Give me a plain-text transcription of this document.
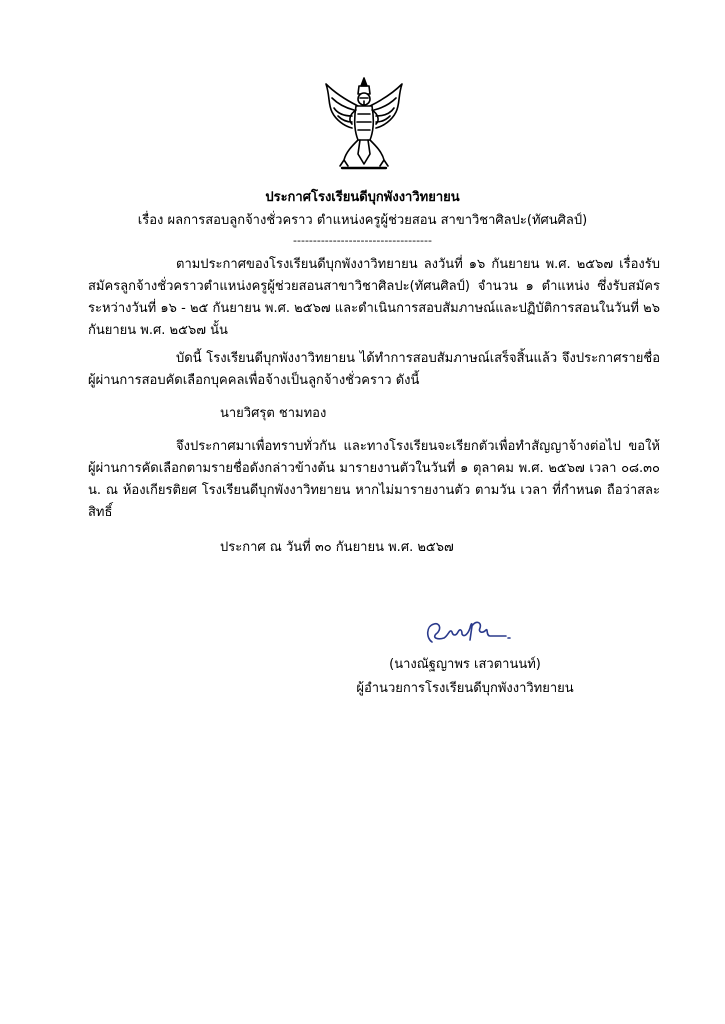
ประกาศโรงเรียนดีบุกพังงาวิทยายน
เรื่อง ผลการสอบลูกจ้างชั่วคราว ตำแหน่งครูผู้ช่วยสอน สาขาวิชาศิลปะ(ทัศนศิลป์)
-----------------------------------

ตามประกาศของโรงเรียนดีบุกพังงาวิทยายน ลงวันที่ ๑๖ กันยายน พ.ศ. ๒๕๖๗ เรื่องรับสมัครลูกจ้างชั่วคราวตำแหน่งครูผู้ช่วยสอนสาขาวิชาศิลปะ(ทัศนศิลป์) จำนวน ๑ ตำแหน่ง ซึ่งรับสมัคร ระหว่างวันที่ ๑๖ - ๒๕ กันยายน พ.ศ. ๒๕๖๗ และดำเนินการสอบสัมภาษณ์และปฏิบัติการสอนในวันที่ ๒๖ กันยายน พ.ศ. ๒๕๖๗ นั้น

บัดนี้ โรงเรียนดีบุกพังงาวิทยายน ได้ทำการสอบสัมภาษณ์เสร็จสิ้นแล้ว จึงประกาศรายชื่อผู้ผ่านการสอบคัดเลือกบุคคลเพื่อจ้างเป็นลูกจ้างชั่วคราว ดังนี้

นายวิศรุต ชามทอง

จึงประกาศมาเพื่อทราบทั่วกัน และทางโรงเรียนจะเรียกตัวเพื่อทำสัญญาจ้างต่อไป ขอให้ผู้ผ่านการคัดเลือกตามรายชื่อดังกล่าวข้างต้น มารายงานตัวในวันที่ ๑ ตุลาคม พ.ศ. ๒๕๖๗ เวลา ๐๘.๓๐ น. ณ ห้องเกียรติยศ โรงเรียนดีบุกพังงาวิทยายน หากไม่มารายงานตัว ตามวัน เวลา ที่กำหนด ถือว่าสละสิทธิ์

ประกาศ ณ วันที่ ๓๐ กันยายน พ.ศ. ๒๕๖๗
(นางณัฐญาพร เสวตานนท์)
ผู้อำนวยการโรงเรียนดีบุกพังงาวิทยายน
